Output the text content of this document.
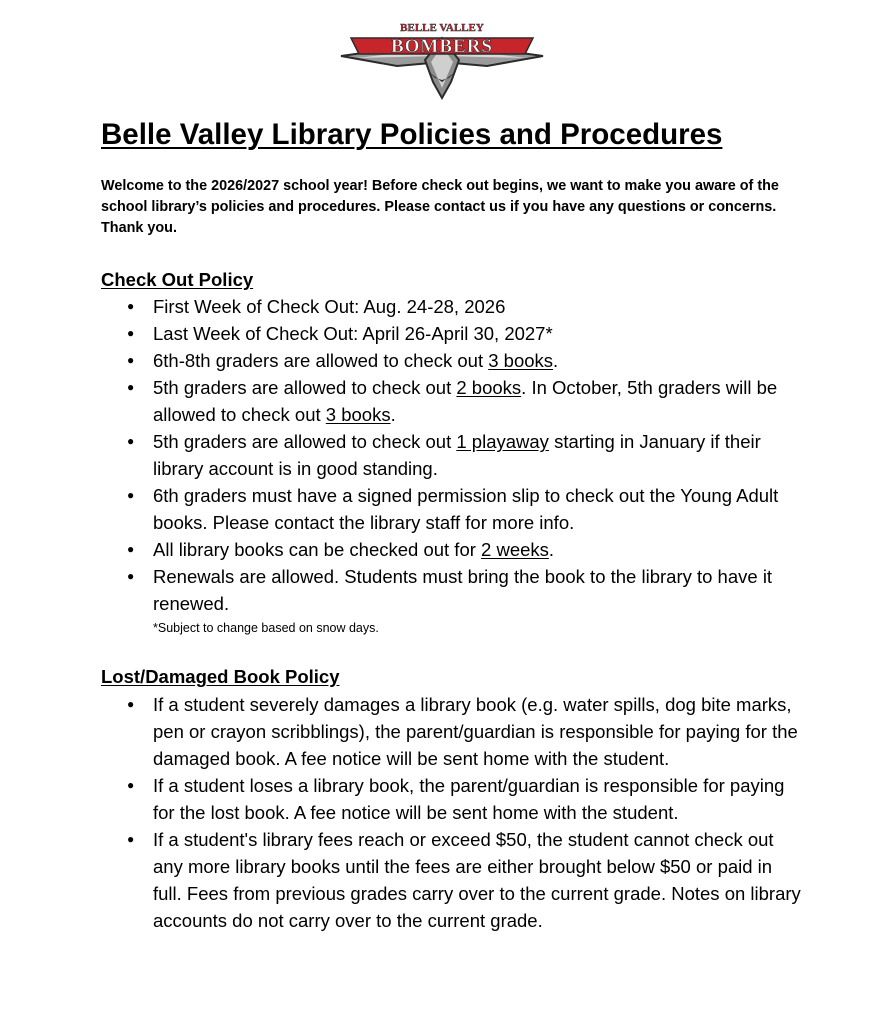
BELLE VALLEY
BOMBERS
Belle Valley Library Policies and Procedures

Welcome to the 2026/2027 school year! Before check out begins, we want to make you aware of the school library’s policies and procedures. Please contact us if you have any questions or concerns. Thank you.

Check Out Policy
● First Week of Check Out: Aug. 24-28, 2026
● Last Week of Check Out: April 26-April 30, 2027*
● 6th-8th graders are allowed to check out 3 books.
● 5th graders are allowed to check out 2 books. In October, 5th graders will be allowed to check out 3 books.
● 5th graders are allowed to check out 1 playaway starting in January if their library account is in good standing.
● 6th graders must have a signed permission slip to check out the Young Adult books. Please contact the library staff for more info.
● All library books can be checked out for 2 weeks.
● Renewals are allowed. Students must bring the book to the library to have it renewed.

*Subject to change based on snow days.

Lost/Damaged Book Policy
● If a student severely damages a library book (e.g. water spills, dog bite marks, pen or crayon scribblings), the parent/guardian is responsible for paying for the damaged book. A fee notice will be sent home with the student.
● If a student loses a library book, the parent/guardian is responsible for paying for the lost book. A fee notice will be sent home with the student.
● If a student's library fees reach or exceed $50, the student cannot check out any more library books until the fees are either brought below $50 or paid in full. Fees from previous grades carry over to the current grade. Notes on library accounts do not carry over to the current grade.
